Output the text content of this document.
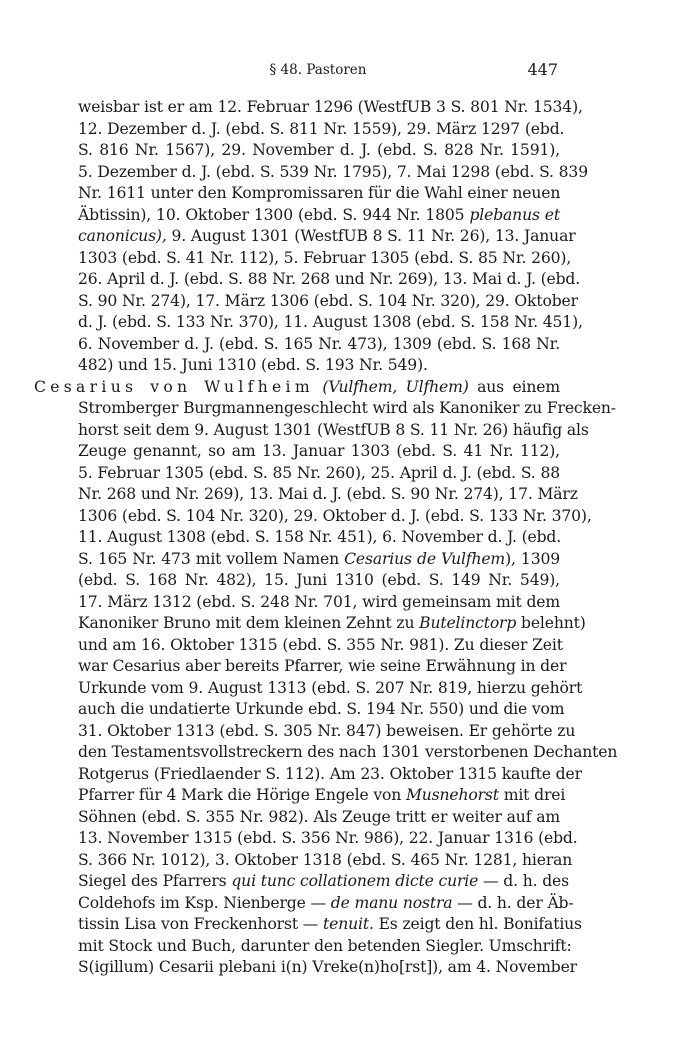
§ 48. Pastoren	447
weisbar ist er am 12. Februar 1296 (WestfUB 3 S. 801 Nr. 1534),
12. Dezember d. J. (ebd. S. 811 Nr. 1559), 29. März 1297 (ebd.
S. 816 Nr. 1567), 29. November d. J. (ebd. S. 828 Nr. 1591),
5. Dezember d. J. (ebd. S. 539 Nr. 1795), 7. Mai 1298 (ebd. S. 839
Nr. 1611 unter den Kompromissaren für die Wahl einer neuen
Äbtissin), 10. Oktober 1300 (ebd. S. 944 Nr. 1805 plebanus et
canonicus), 9. August 1301 (WestfUB 8 S. 11 Nr. 26), 13. Januar
1303 (ebd. S. 41 Nr. 112), 5. Februar 1305 (ebd. S. 85 Nr. 260),
26. April d. J. (ebd. S. 88 Nr. 268 und Nr. 269), 13. Mai d. J. (ebd.
S. 90 Nr. 274), 17. März 1306 (ebd. S. 104 Nr. 320), 29. Oktober
d. J. (ebd. S. 133 Nr. 370), 11. August 1308 (ebd. S. 158 Nr. 451),
6. November d. J. (ebd. S. 165 Nr. 473), 1309 (ebd. S. 168 Nr.
482) und 15. Juni 1310 (ebd. S. 193 Nr. 549).
Cesarius von Wulfheim (Vulfhem, Ulfhem) aus einem
Stromberger Burgmannengeschlecht wird als Kanoniker zu Frecken-
horst seit dem 9. August 1301 (WestfUB 8 S. 11 Nr. 26) häufig als
Zeuge genannt, so am 13. Januar 1303 (ebd. S. 41 Nr. 112),
5. Februar 1305 (ebd. S. 85 Nr. 260), 25. April d. J. (ebd. S. 88
Nr. 268 und Nr. 269), 13. Mai d. J. (ebd. S. 90 Nr. 274), 17. März
1306 (ebd. S. 104 Nr. 320), 29. Oktober d. J. (ebd. S. 133 Nr. 370),
11. August 1308 (ebd. S. 158 Nr. 451), 6. November d. J. (ebd.
S. 165 Nr. 473 mit vollem Namen Cesarius de Vulfhem), 1309
(ebd. S. 168 Nr. 482), 15. Juni 1310 (ebd. S. 149 Nr. 549),
17. März 1312 (ebd. S. 248 Nr. 701, wird gemeinsam mit dem
Kanoniker Bruno mit dem kleinen Zehnt zu Butelinctorp belehnt)
und am 16. Oktober 1315 (ebd. S. 355 Nr. 981). Zu dieser Zeit
war Cesarius aber bereits Pfarrer, wie seine Erwähnung in der
Urkunde vom 9. August 1313 (ebd. S. 207 Nr. 819, hierzu gehört
auch die undatierte Urkunde ebd. S. 194 Nr. 550) und die vom
31. Oktober 1313 (ebd. S. 305 Nr. 847) beweisen. Er gehörte zu
den Testamentsvollstreckern des nach 1301 verstorbenen Dechanten
Rotgerus (Friedlaender S. 112). Am 23. Oktober 1315 kaufte der
Pfarrer für 4 Mark die Hörige Engele von Musnehorst mit drei
Söhnen (ebd. S. 355 Nr. 982). Als Zeuge tritt er weiter auf am
13. November 1315 (ebd. S. 356 Nr. 986), 22. Januar 1316 (ebd.
S. 366 Nr. 1012), 3. Oktober 1318 (ebd. S. 465 Nr. 1281, hieran
Siegel des Pfarrers qui tunc collationem dicte curie — d. h. des
Coldehofs im Ksp. Nienberge — de manu nostra — d. h. der Äb-
tissin Lisa von Freckenhorst — tenuit. Es zeigt den hl. Bonifatius
mit Stock und Buch, darunter den betenden Siegler. Umschrift:
S(igillum) Cesarii plebani i(n) Vreke(n)ho[rst]), am 4. November
